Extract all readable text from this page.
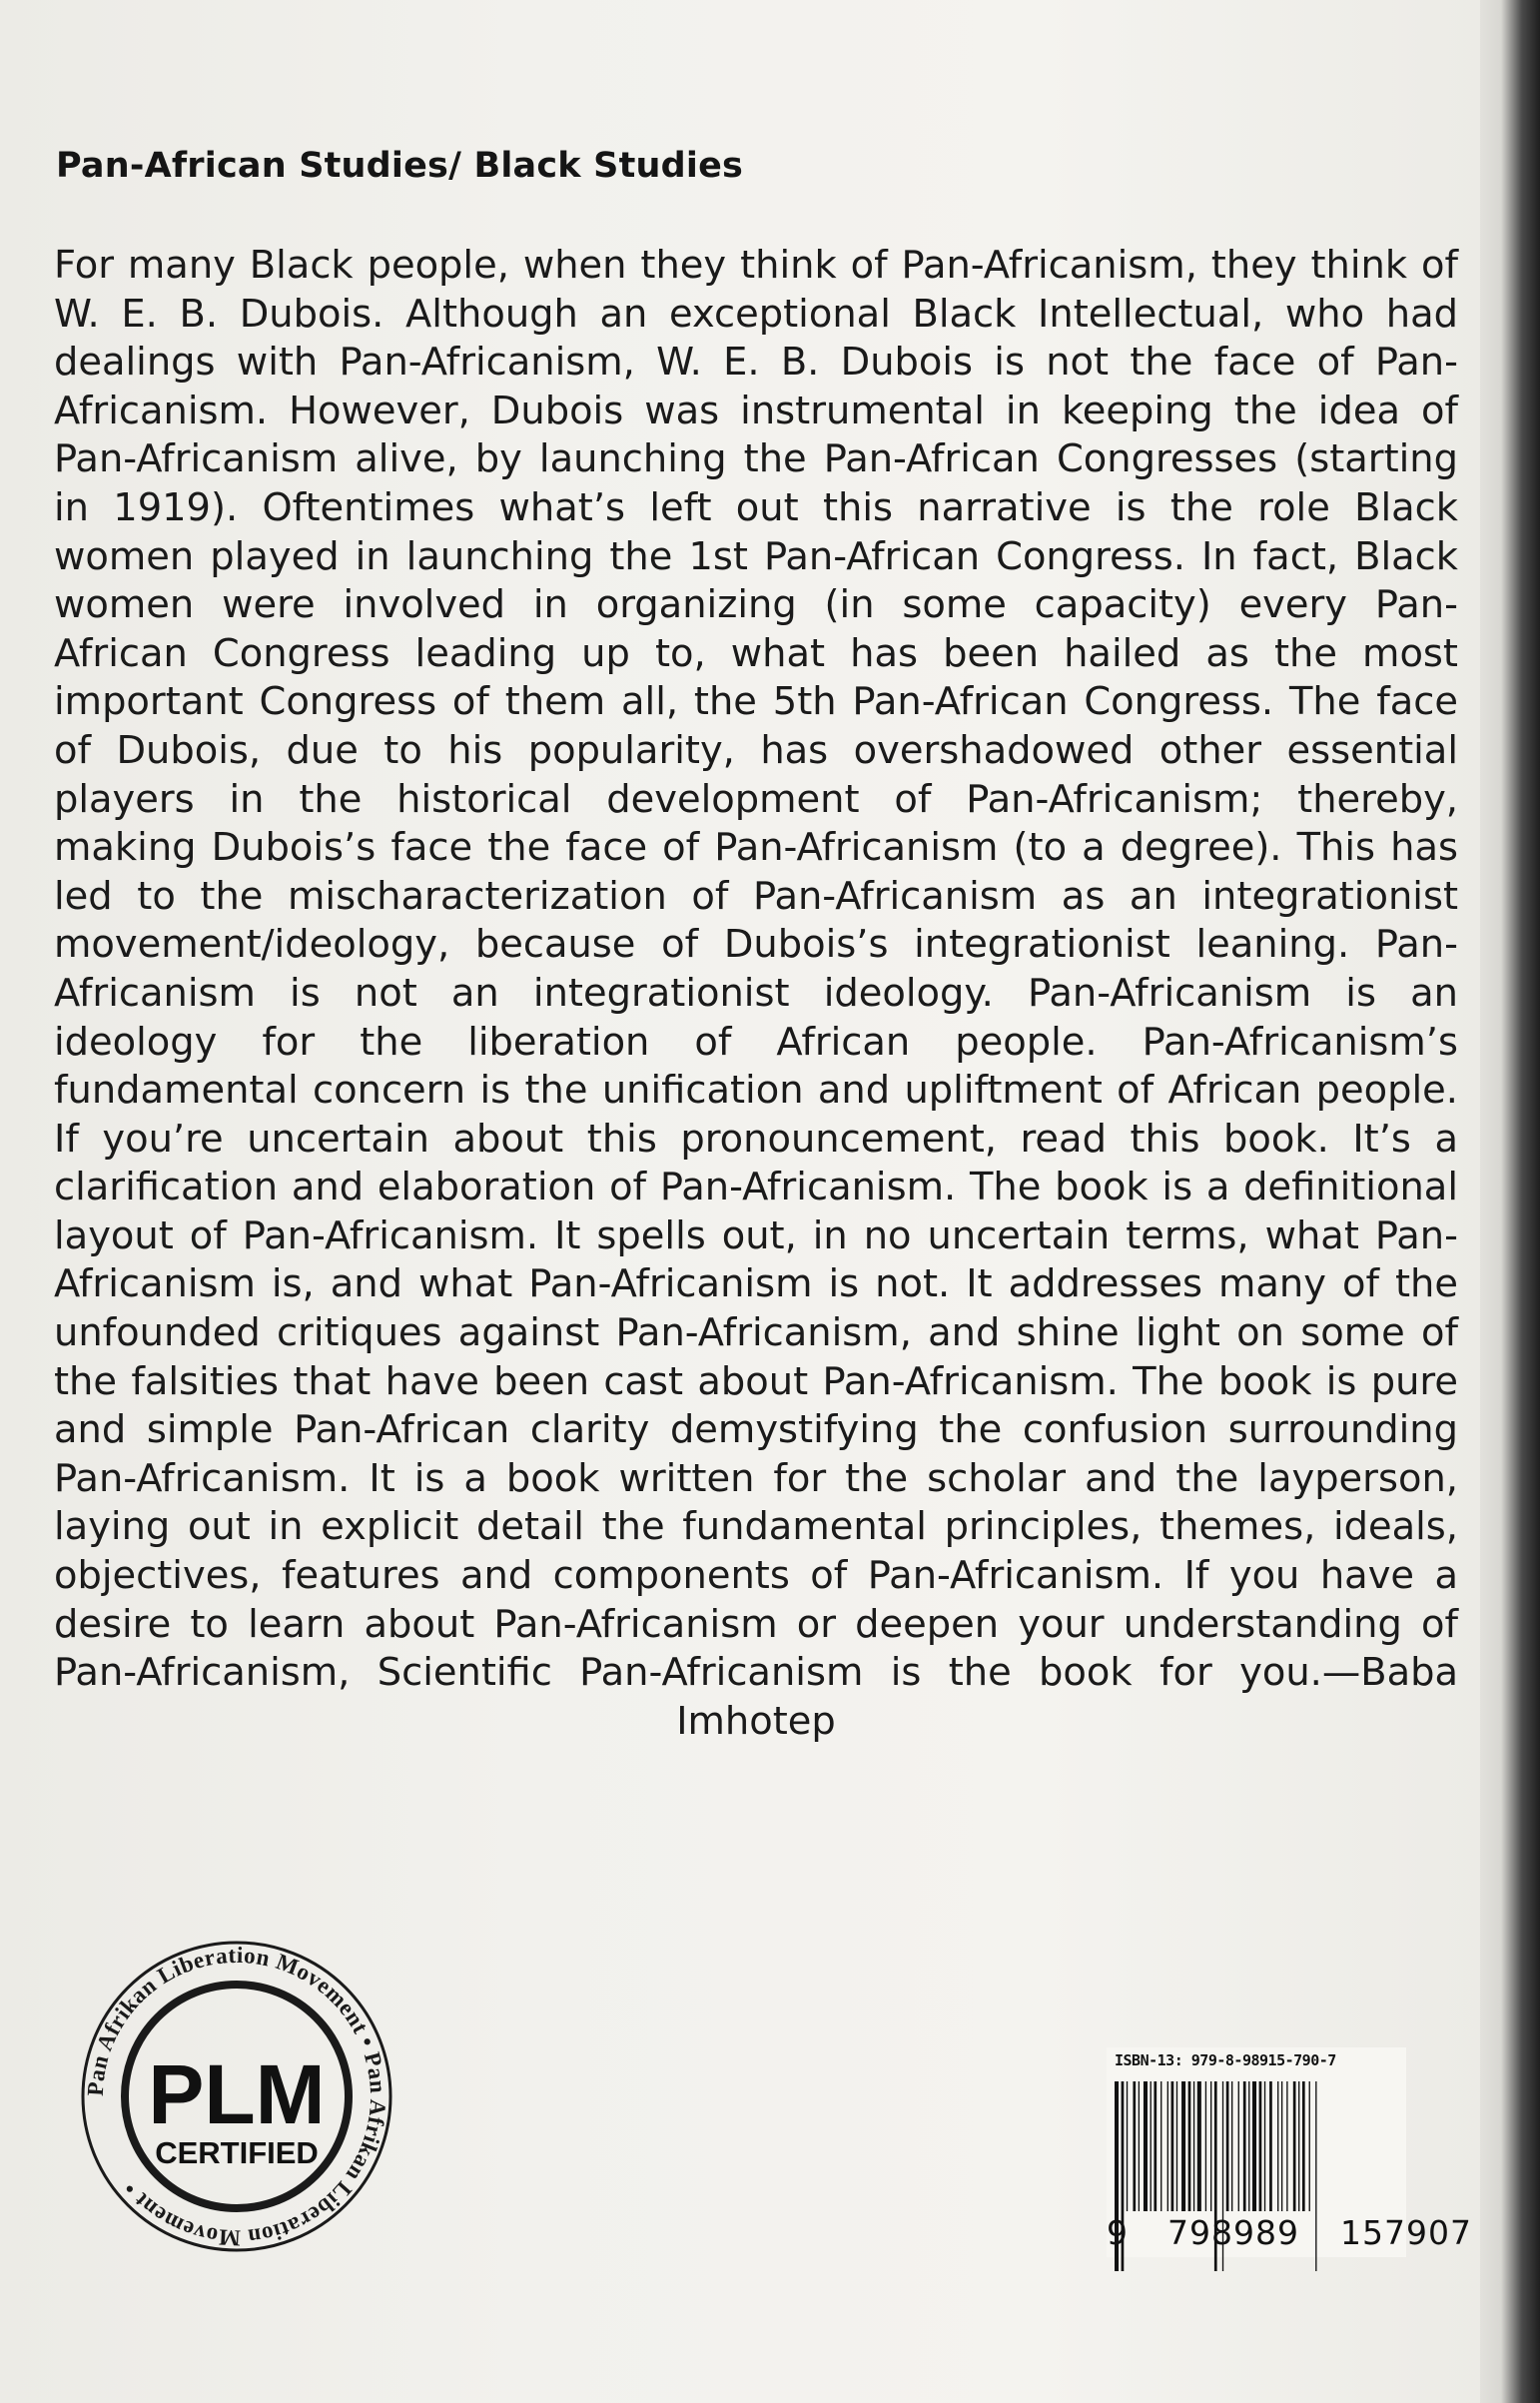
Pan-African Studies/ Black Studies

For many Black people, when they think of Pan-Africanism, they think of W. E. B. Dubois. Although an exceptional Black Intellectual, who had dealings with Pan-Africanism, W. E. B. Dubois is not the face of Pan-Africanism. However, Dubois was instrumental in keeping the idea of Pan-Africanism alive, by launching the Pan-African Congresses (starting in 1919). Oftentimes what’s left out this narrative is the role Black women played in launching the 1st Pan-African Congress. In fact, Black women were involved in organizing (in some capacity) every Pan-African Congress leading up to, what has been hailed as the most important Congress of them all, the 5th Pan-African Congress. The face of Dubois, due to his popularity, has overshadowed other essential players in the historical development of Pan-Africanism; thereby, making Dubois’s face the face of Pan-Africanism (to a degree). This has led to the mischaracterization of Pan-Africanism as an integrationist movement/ideology, because of Dubois’s integrationist leaning. Pan-Africanism is not an integrationist ideology. Pan-Africanism is an ideology for the liberation of African people. Pan-Africanism’s fundamental concern is the unification and upliftment of African people. If you’re uncertain about this pronouncement, read this book. It’s a clarification and elaboration of Pan-Africanism. The book is a definitional layout of Pan-Africanism. It spells out, in no uncertain terms, what Pan-Africanism is, and what Pan-Africanism is not. It addresses many of the unfounded critiques against Pan-Africanism, and shine light on some of the falsities that have been cast about Pan-Africanism. The book is pure and simple Pan-African clarity demystifying the confusion surrounding Pan-Africanism. It is a book written for the scholar and the layperson, laying out in explicit detail the fundamental principles, themes, ideals, objectives, features and components of Pan-Africanism. If you have a desire to learn about Pan-Africanism or deepen your understanding of Pan-Africanism, Scientific Pan-Africanism is the book for you.—Baba Imhotep

Pan Afrikan Liberation Movement • Pan Afrikan Liberation Movement •
PLM
CERTIFIED
ISBN-13: 979-8-98915-790-7
9 798989 157907
